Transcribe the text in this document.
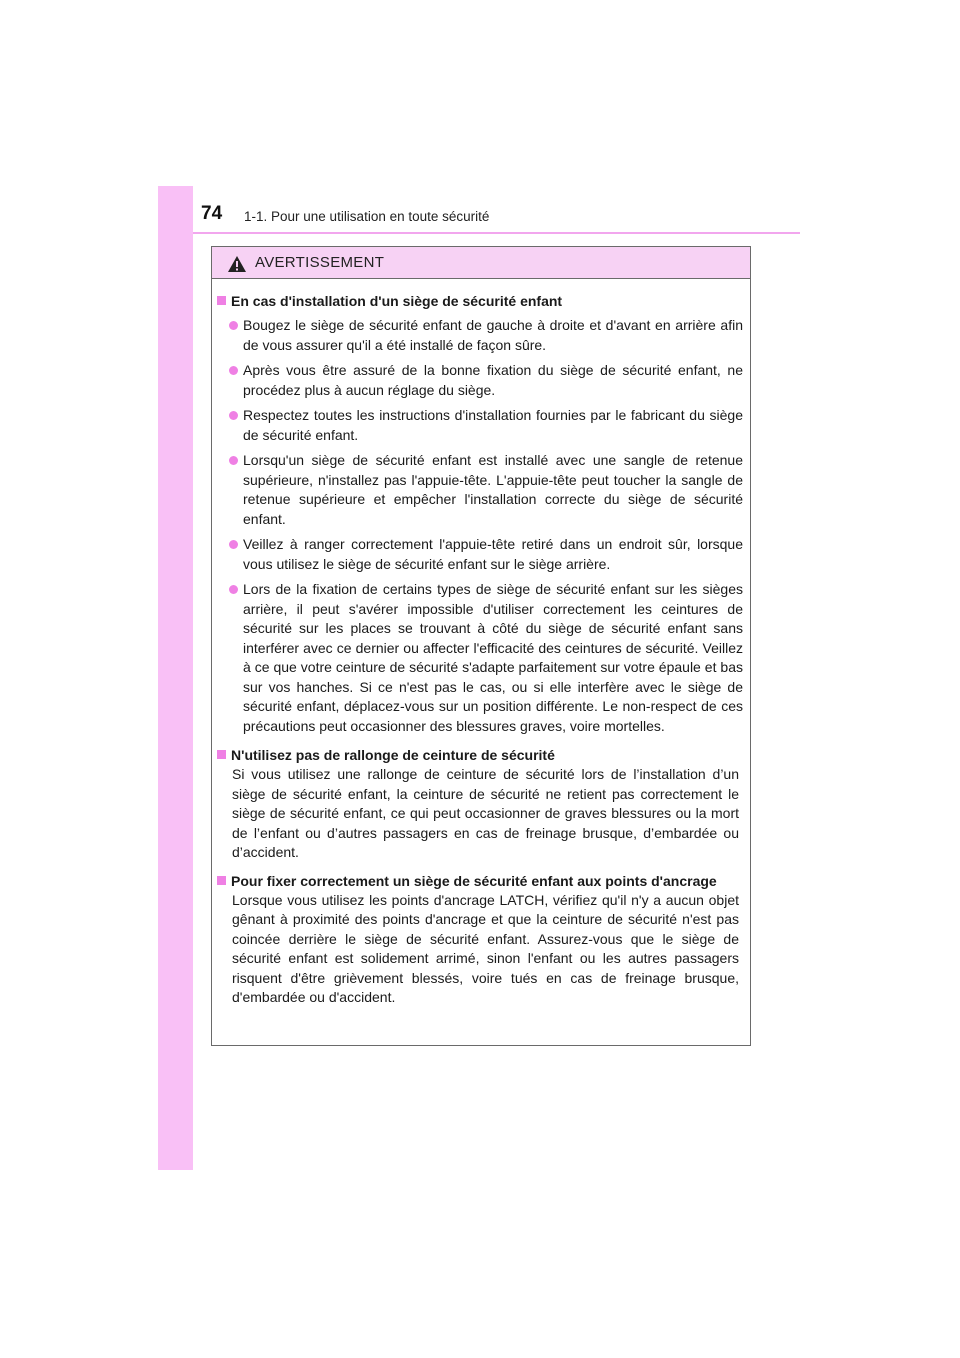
74 1-1. Pour une utilisation en toute sécurité
AVERTISSEMENT
En cas d'installation d'un siège de sécurité enfant
Bougez le siège de sécurité enfant de gauche à droite et d'avant en arrière afin de vous assurer qu'il a été installé de façon sûre.
Après vous être assuré de la bonne fixation du siège de sécurité enfant, ne procédez plus à aucun réglage du siège.
Respectez toutes les instructions d'installation fournies par le fabricant du siège de sécurité enfant.
Lorsqu'un siège de sécurité enfant est installé avec une sangle de retenue supérieure, n'installez pas l'appuie-tête. L'appuie-tête peut toucher la sangle de retenue supérieure et empêcher l'installation correcte du siège de sécurité enfant.
Veillez à ranger correctement l'appuie-tête retiré dans un endroit sûr, lorsque vous utilisez le siège de sécurité enfant sur le siège arrière.
Lors de la fixation de certains types de siège de sécurité enfant sur les sièges arrière, il peut s'avérer impossible d'utiliser correctement les ceintures de sécurité sur les places se trouvant à côté du siège de sécurité enfant sans interférer avec ce dernier ou affecter l'efficacité des ceintures de sécurité. Veillez à ce que votre ceinture de sécurité s'adapte parfaitement sur votre épaule et bas sur vos hanches. Si ce n'est pas le cas, ou si elle interfère avec le siège de sécurité enfant, déplacez-vous sur un position différente. Le non-respect de ces précautions peut occasionner des blessures graves, voire mortelles.
N'utilisez pas de rallonge de ceinture de sécurité
Si vous utilisez une rallonge de ceinture de sécurité lors de l’installation d’un siège de sécurité enfant, la ceinture de sécurité ne retient pas correctement le siège de sécurité enfant, ce qui peut occasionner de graves blessures ou la mort de l’enfant ou d’autres passagers en cas de freinage brusque, d’embardée ou d’accident.
Pour fixer correctement un siège de sécurité enfant aux points d'ancrage
Lorsque vous utilisez les points d'ancrage LATCH, vérifiez qu'il n'y a aucun objet gênant à proximité des points d'ancrage et que la ceinture de sécurité n'est pas coincée derrière le siège de sécurité enfant. Assurez-vous que le siège de sécurité enfant est solidement arrimé, sinon l'enfant ou les autres passagers risquent d'être grièvement blessés, voire tués en cas de freinage brusque, d'embardée ou d'accident.
